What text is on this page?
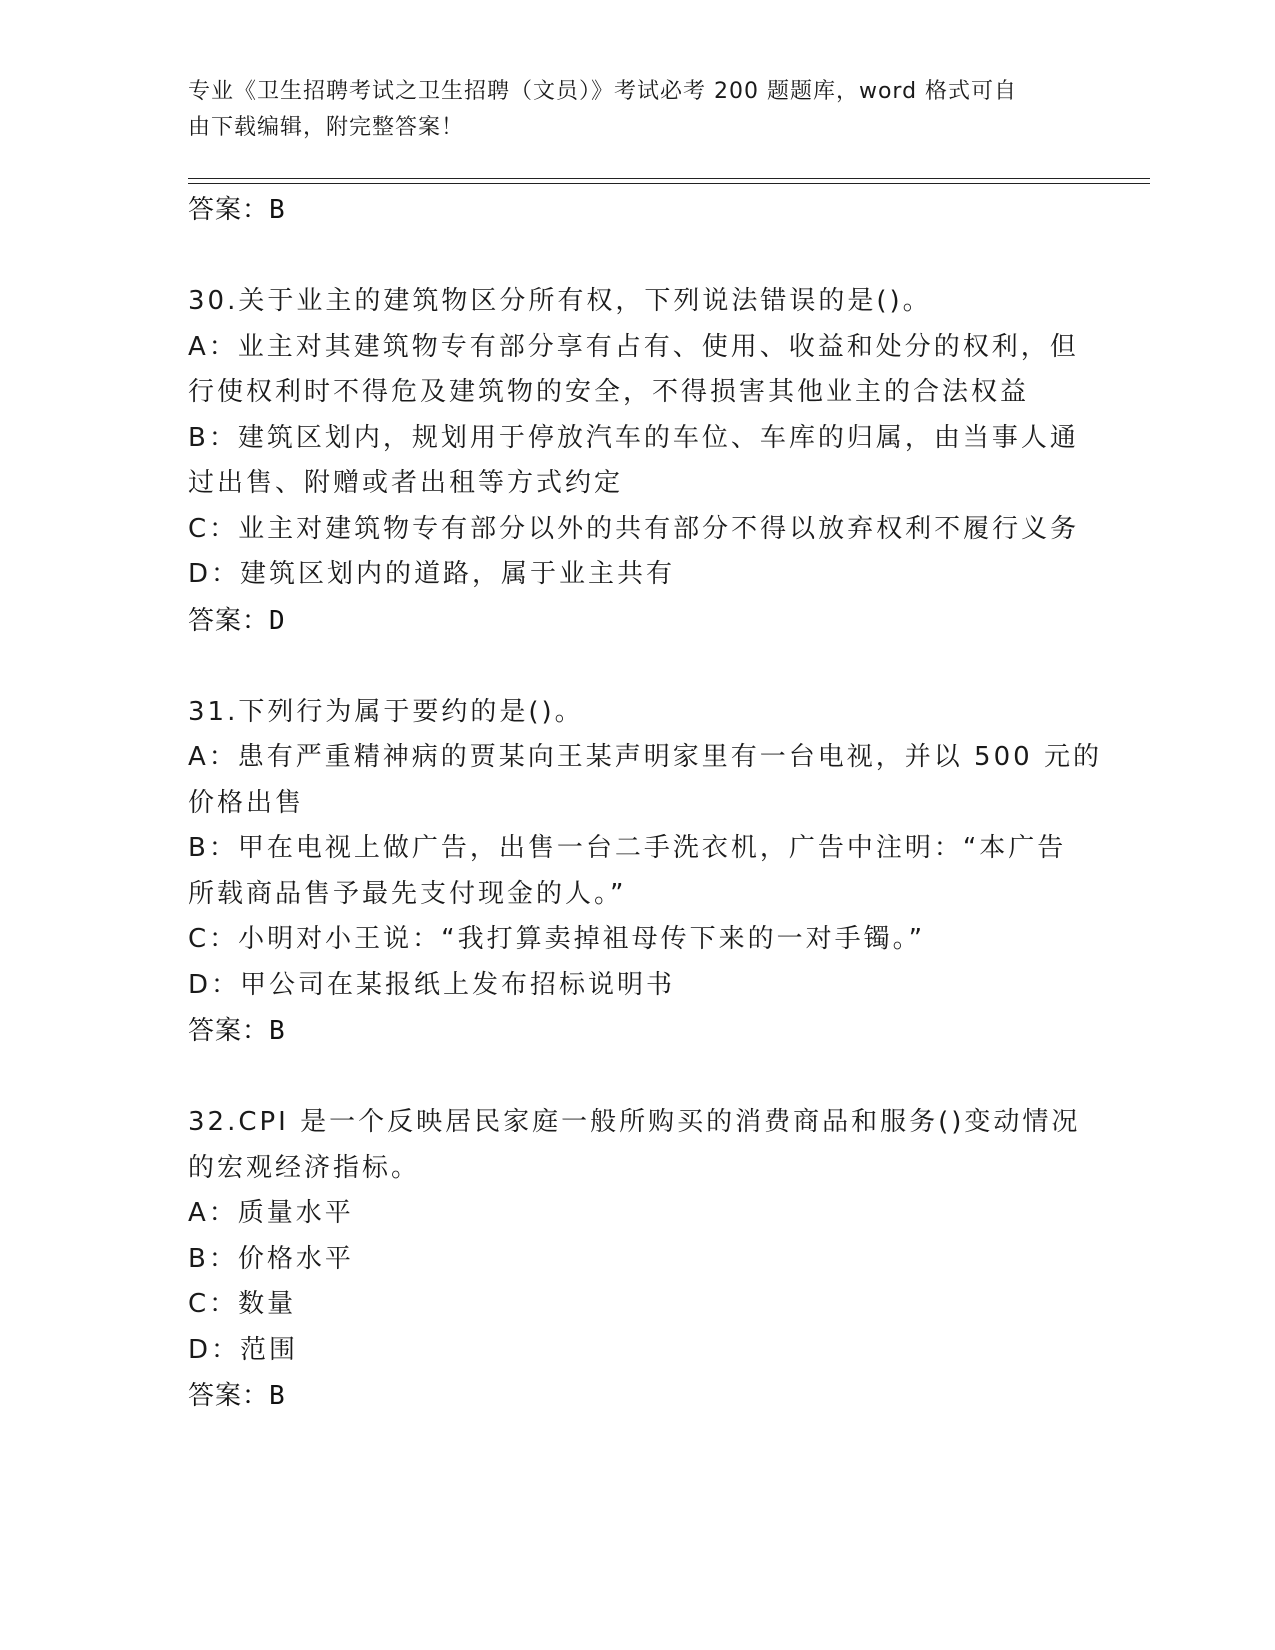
专业《卫生招聘考试之卫生招聘（文员）》考试必考 200 题题库，word 格式可自
由下载编辑，附完整答案！
答案：B
30.关于业主的建筑物区分所有权，下列说法错误的是()。
A：业主对其建筑物专有部分享有占有、使用、收益和处分的权利，但
行使权利时不得危及建筑物的安全，不得损害其他业主的合法权益
B：建筑区划内，规划用于停放汽车的车位、车库的归属，由当事人通
过出售、附赠或者出租等方式约定
C：业主对建筑物专有部分以外的共有部分不得以放弃权利不履行义务
D：建筑区划内的道路，属于业主共有
答案：D
31.下列行为属于要约的是()。
A：患有严重精神病的贾某向王某声明家里有一台电视，并以 500 元的
价格出售
B：甲在电视上做广告，出售一台二手洗衣机，广告中注明：“本广告
所载商品售予最先支付现金的人。”
C：小明对小王说：“我打算卖掉祖母传下来的一对手镯。”
D：甲公司在某报纸上发布招标说明书
答案：B
32.CPI 是一个反映居民家庭一般所购买的消费商品和服务()变动情况
的宏观经济指标。
A：质量水平
B：价格水平
C：数量
D：范围
答案：B
